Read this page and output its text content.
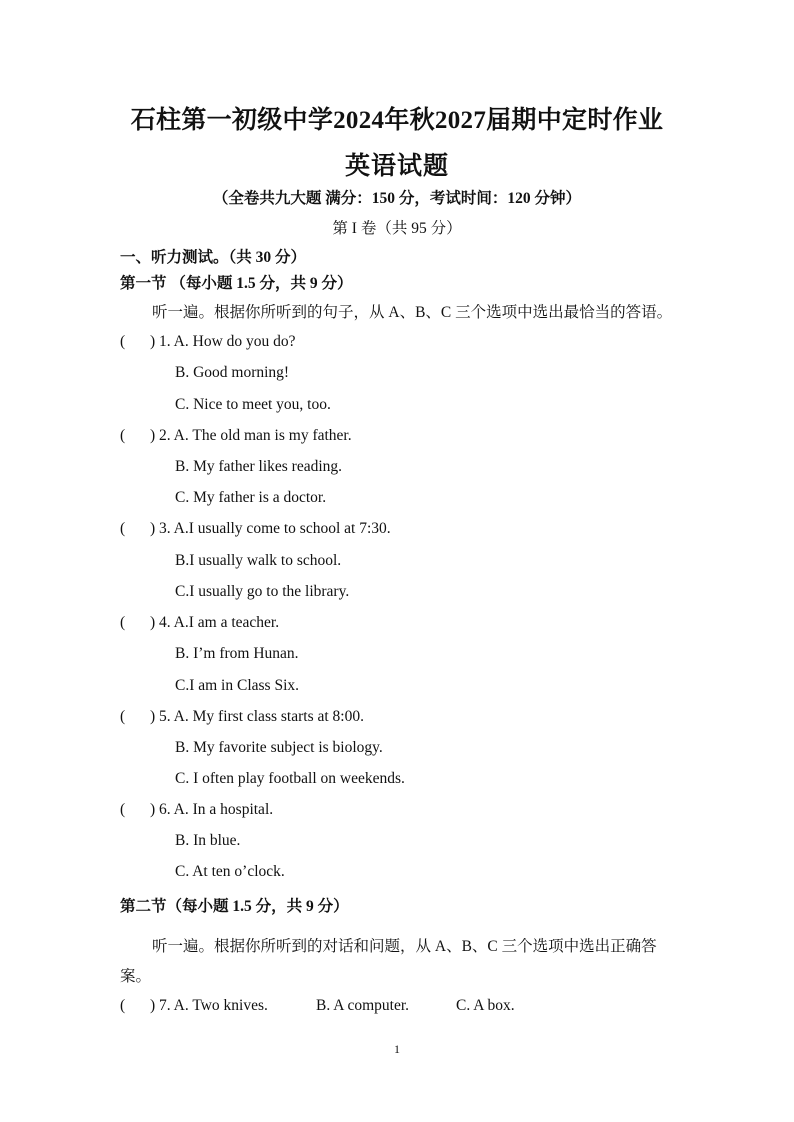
石柱第一初级中学2024年秋2027届期中定时作业
英语试题
（全卷共九大题 满分：150 分，考试时间：120 分钟）
第 I 卷（共 95 分）
一、听力测试。（共 30 分）
第一节 （每小题 1.5 分，共 9 分）
听一遍。根据你所听到的句子，从 A、B、C 三个选项中选出最恰当的答语。
( ) 1. A. How do you do?
B. Good morning!
C. Nice to meet you, too.
( ) 2. A. The old man is my father.
B. My father likes reading.
C. My father is a doctor.
( ) 3. A.I usually come to school at 7:30.
B.I usually walk to school.
C.I usually go to the library.
( ) 4. A.I am a teacher.
B. I’m from Hunan.
C.I am in Class Six.
( ) 5. A. My first class starts at 8:00.
B. My favorite subject is biology.
C. I often play football on weekends.
( ) 6. A. In a hospital.
B. In blue.
C. At ten o’clock.
第二节（每小题 1.5 分，共 9 分）
听一遍。根据你所听到的对话和问题，从 A、B、C 三个选项中选出正确答
案。
( ) 7. A. Two knives.	B. A computer.	C. A box.
1
